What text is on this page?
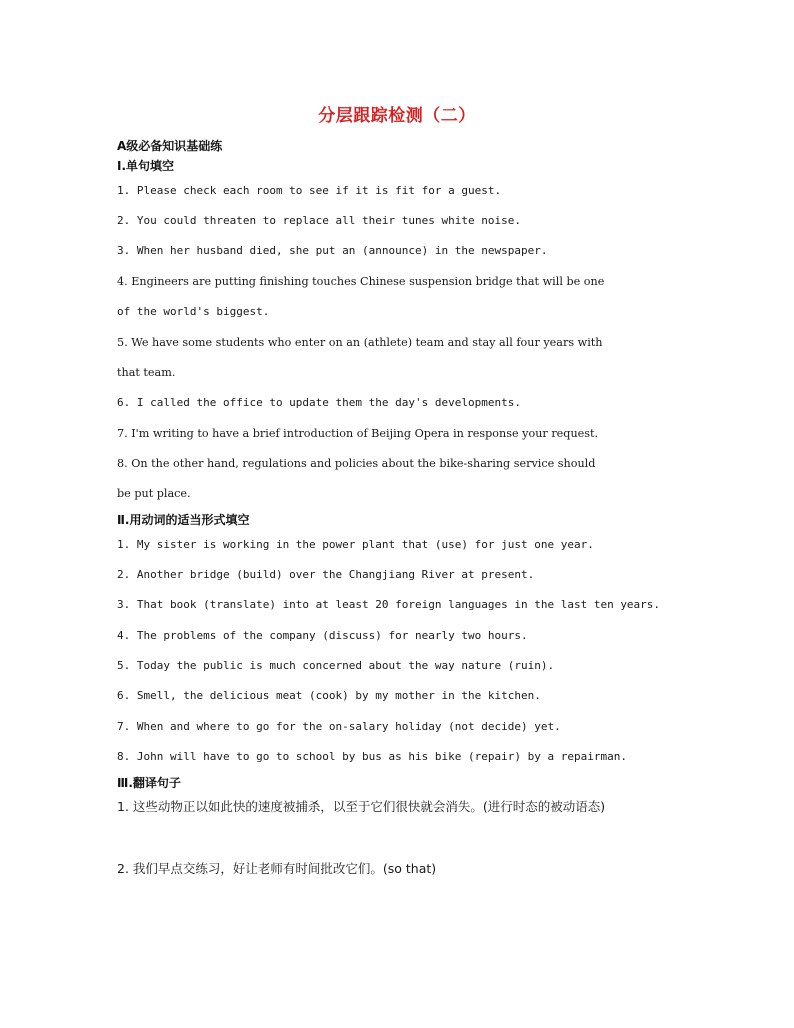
分层跟踪检测（二）
A级必备知识基础练
Ⅰ.单句填空
1. Please check each room to see if it is fit for a guest.
2. You could threaten to replace all their tunes white noise.
3. When her husband died, she put an (announce) in the newspaper.
4. Engineers are putting finishing touches Chinese suspension bridge that will be one
of the world's biggest.
5. We have some students who enter on an (athlete) team and stay all four years with
that team.
6. I called the office to update them the day's developments.
7. I'm writing to have a brief introduction of Beijing Opera in response your request.
8. On the other hand, regulations and policies about the bike-sharing service should
be put place.
Ⅱ.用动词的适当形式填空
1. My sister is working in the power plant that (use) for just one year.
2. Another bridge (build) over the Changjiang River at present.
3. That book (translate) into at least 20 foreign languages in the last ten years.
4. The problems of the company (discuss) for nearly two hours.
5. Today the public is much concerned about the way nature (ruin).
6. Smell, the delicious meat (cook) by my mother in the kitchen.
7. When and where to go for the on-salary holiday (not decide) yet.
8. John will have to go to school by bus as his bike (repair) by a repairman.
Ⅲ.翻译句子
1. 这些动物正以如此快的速度被捕杀，以至于它们很快就会消失。(进行时态的被动语态)
2. 我们早点交练习，好让老师有时间批改它们。(so that)
